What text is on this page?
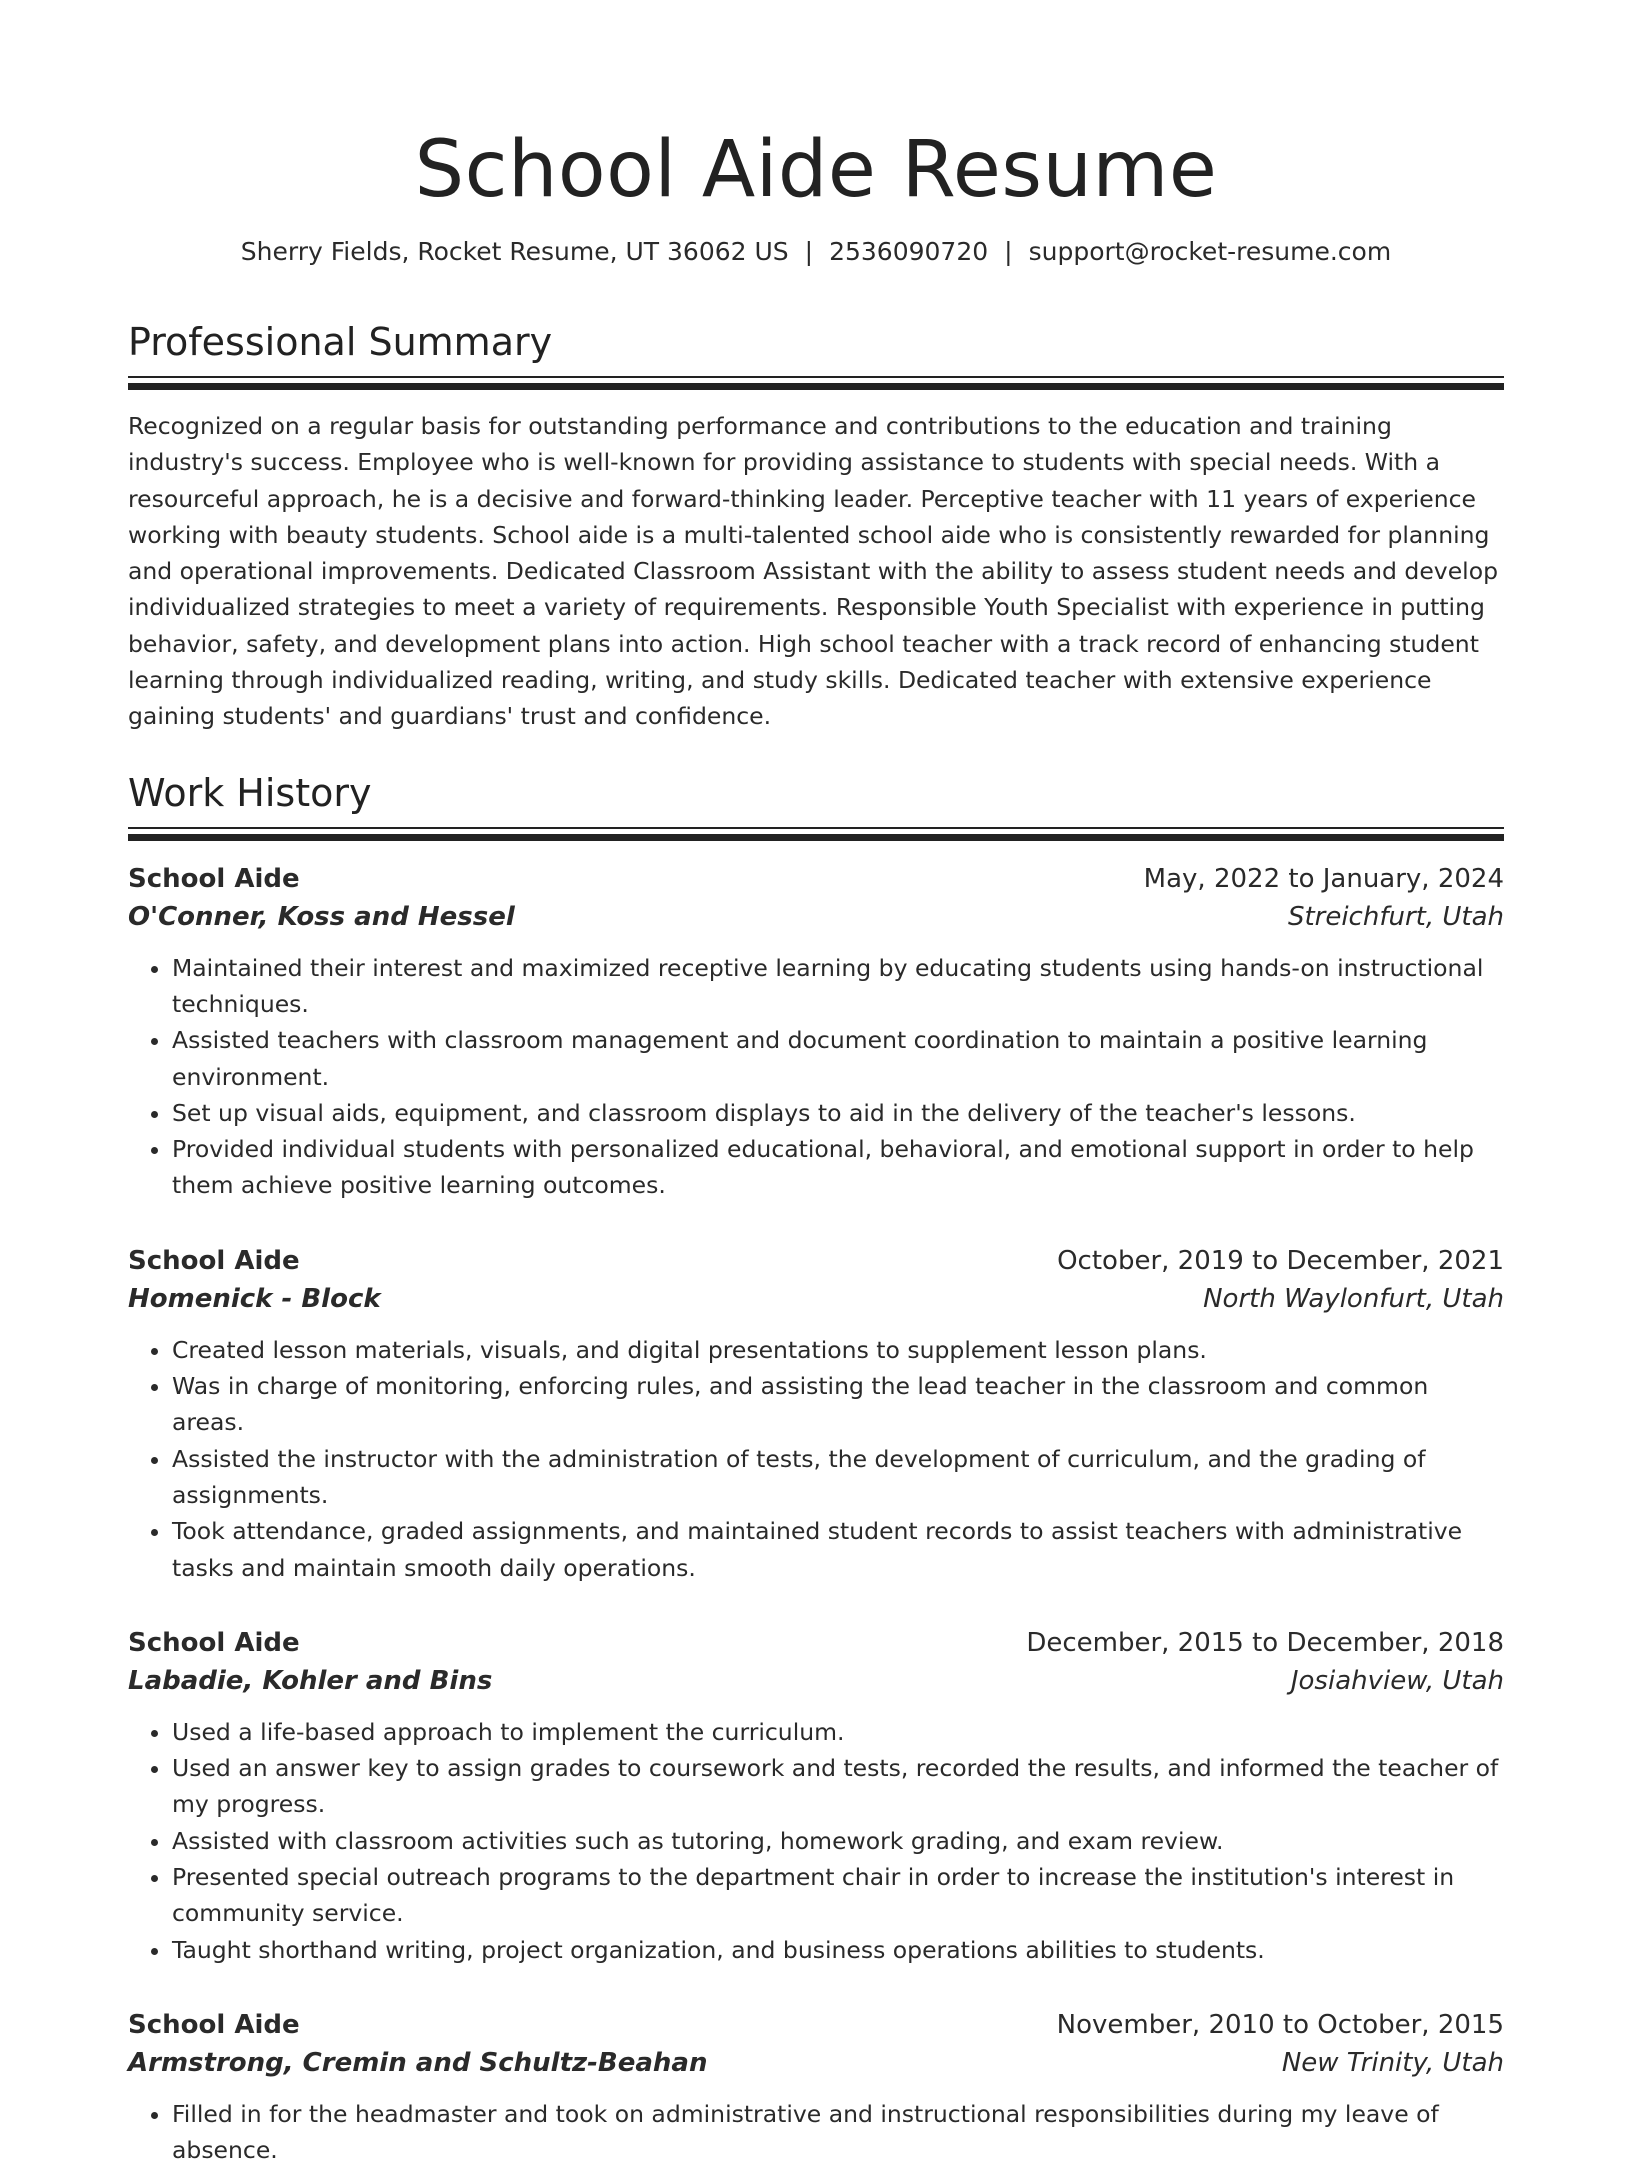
School Aide Resume
Sherry Fields, Rocket Resume, UT 36062 US | 2536090720 | support@rocket-resume.com
Professional Summary
Recognized on a regular basis for outstanding performance and contributions to the education and training industry's success. Employee who is well-known for providing assistance to students with special needs. With a resourceful approach, he is a decisive and forward-thinking leader. Perceptive teacher with 11 years of experience working with beauty students. School aide is a multi-talented school aide who is consistently rewarded for planning and operational improvements. Dedicated Classroom Assistant with the ability to assess student needs and develop individualized strategies to meet a variety of requirements. Responsible Youth Specialist with experience in putting behavior, safety, and development plans into action. High school teacher with a track record of enhancing student learning through individualized reading, writing, and study skills. Dedicated teacher with extensive experience gaining students' and guardians' trust and confidence.
Work History
School Aide	May, 2022 to January, 2024
O'Conner, Koss and Hessel	Streichfurt, Utah
• Maintained their interest and maximized receptive learning by educating students using hands-on instructional techniques.
• Assisted teachers with classroom management and document coordination to maintain a positive learning environment.
• Set up visual aids, equipment, and classroom displays to aid in the delivery of the teacher's lessons.
• Provided individual students with personalized educational, behavioral, and emotional support in order to help them achieve positive learning outcomes.
School Aide	October, 2019 to December, 2021
Homenick - Block	North Waylonfurt, Utah
• Created lesson materials, visuals, and digital presentations to supplement lesson plans.
• Was in charge of monitoring, enforcing rules, and assisting the lead teacher in the classroom and common areas.
• Assisted the instructor with the administration of tests, the development of curriculum, and the grading of assignments.
• Took attendance, graded assignments, and maintained student records to assist teachers with administrative tasks and maintain smooth daily operations.
School Aide	December, 2015 to December, 2018
Labadie, Kohler and Bins	Josiahview, Utah
• Used a life-based approach to implement the curriculum.
• Used an answer key to assign grades to coursework and tests, recorded the results, and informed the teacher of my progress.
• Assisted with classroom activities such as tutoring, homework grading, and exam review.
• Presented special outreach programs to the department chair in order to increase the institution's interest in community service.
• Taught shorthand writing, project organization, and business operations abilities to students.
School Aide	November, 2010 to October, 2015
Armstrong, Cremin and Schultz-Beahan	New Trinity, Utah
• Filled in for the headmaster and took on administrative and instructional responsibilities during my leave of absence.
